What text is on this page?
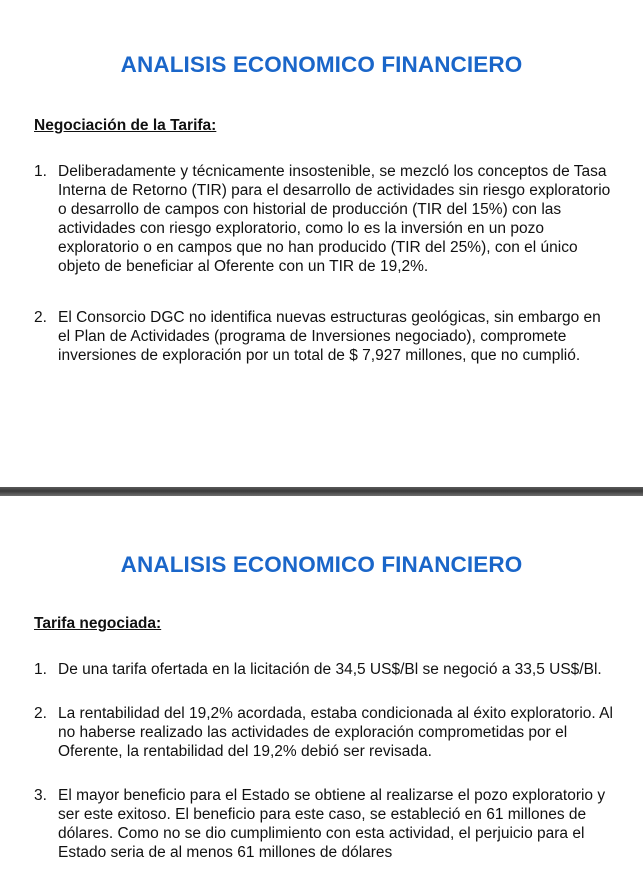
ANALISIS ECONOMICO FINANCIERO
Negociación de la Tarifa:
1. Deliberadamente y técnicamente insostenible, se mezcló los conceptos de Tasa Interna de Retorno (TIR) para el desarrollo de actividades sin riesgo exploratorio o desarrollo de campos con historial de producción (TIR del 15%) con las actividades con riesgo exploratorio, como lo es la inversión en un pozo exploratorio o en campos que no han producido (TIR del 25%), con el único objeto de beneficiar al Oferente con un TIR de 19,2%.
2. El Consorcio DGC no identifica nuevas estructuras geológicas, sin embargo en el Plan de Actividades (programa de Inversiones negociado), compromete inversiones de exploración por un total de $ 7,927 millones, que no cumplió.
ANALISIS ECONOMICO FINANCIERO
Tarifa negociada:
1. De una tarifa ofertada en la licitación de 34,5 US$/Bl se negoció a 33,5 US$/Bl.
2. La rentabilidad del 19,2% acordada, estaba condicionada al éxito exploratorio. Al no haberse realizado las actividades de exploración comprometidas por el Oferente, la rentabilidad del 19,2% debió ser revisada.
3. El mayor beneficio para el Estado se obtiene al realizarse el pozo exploratorio y ser este exitoso. El beneficio para este caso, se estableció en 61 millones de dólares. Como no se dio cumplimiento con esta actividad, el perjuicio para el Estado seria de al menos 61 millones de dólares
